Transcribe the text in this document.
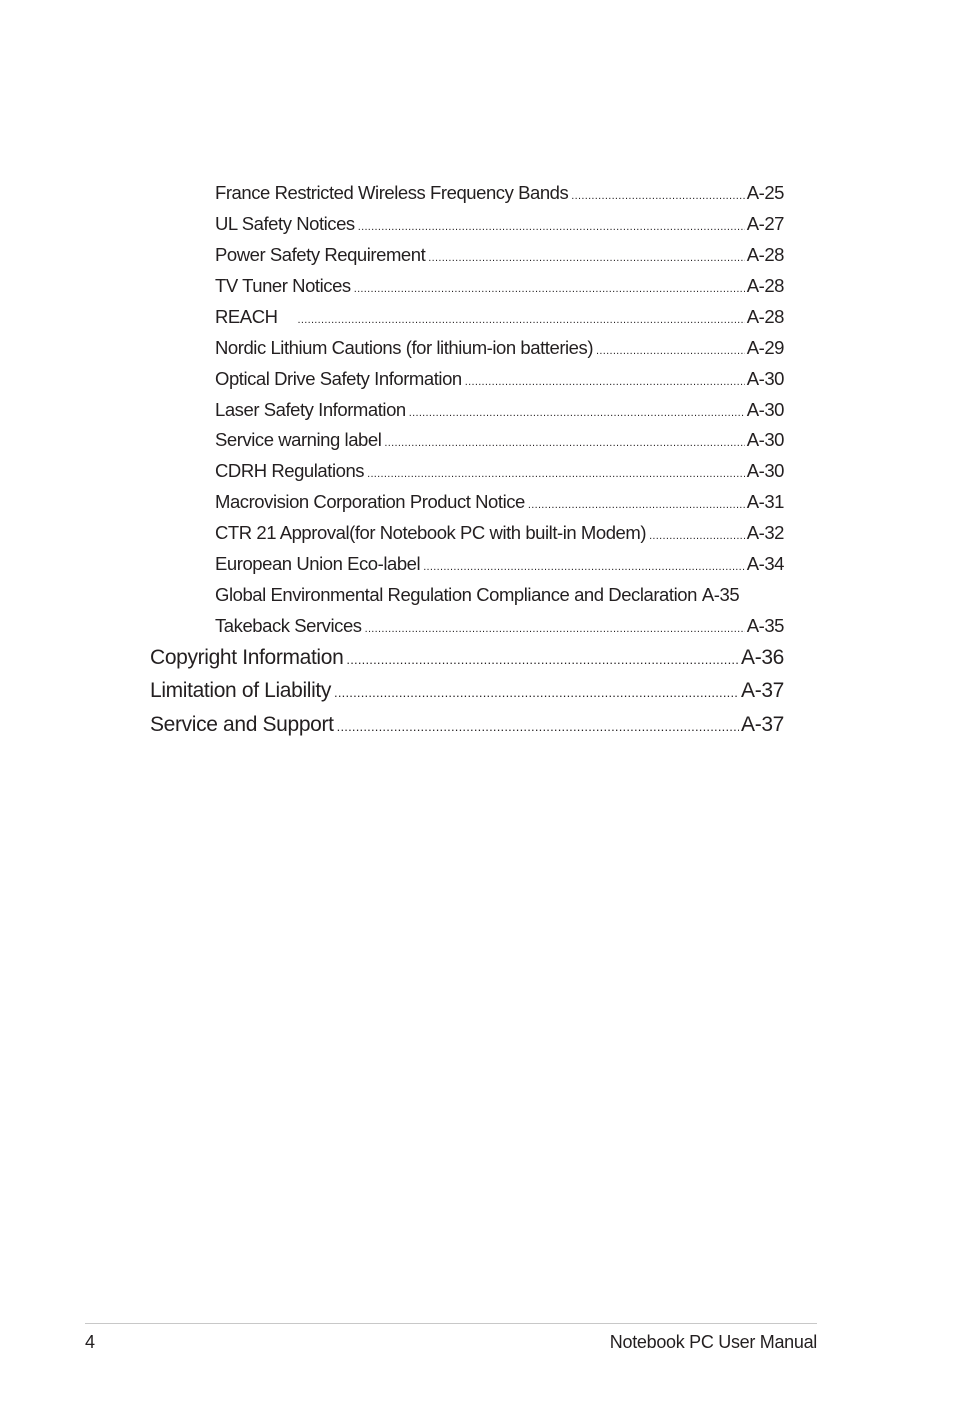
France Restricted Wireless Frequency Bands .....	A-25
UL Safety Notices .....	A-27
Power Safety Requirement .....	A-28
TV Tuner Notices .....	A-28
REACH .....	A-28
Nordic Lithium Cautions (for lithium-ion batteries) .....	A-29
Optical Drive Safety Information .....	A-30
Laser Safety Information .....	A-30
Service warning label .....	A-30
CDRH Regulations .....	A-30
Macrovision Corporation Product Notice .....	A-31
CTR 21 Approval(for Notebook PC with built-in Modem) .....	A-32
European Union Eco-label .....	A-34
Global Environmental Regulation Compliance and Declaration A-35
Takeback Services .....	A-35
Copyright Information .....	A-36
Limitation of Liability .....	A-37
Service and Support .....	A-37
4	Notebook PC User Manual
